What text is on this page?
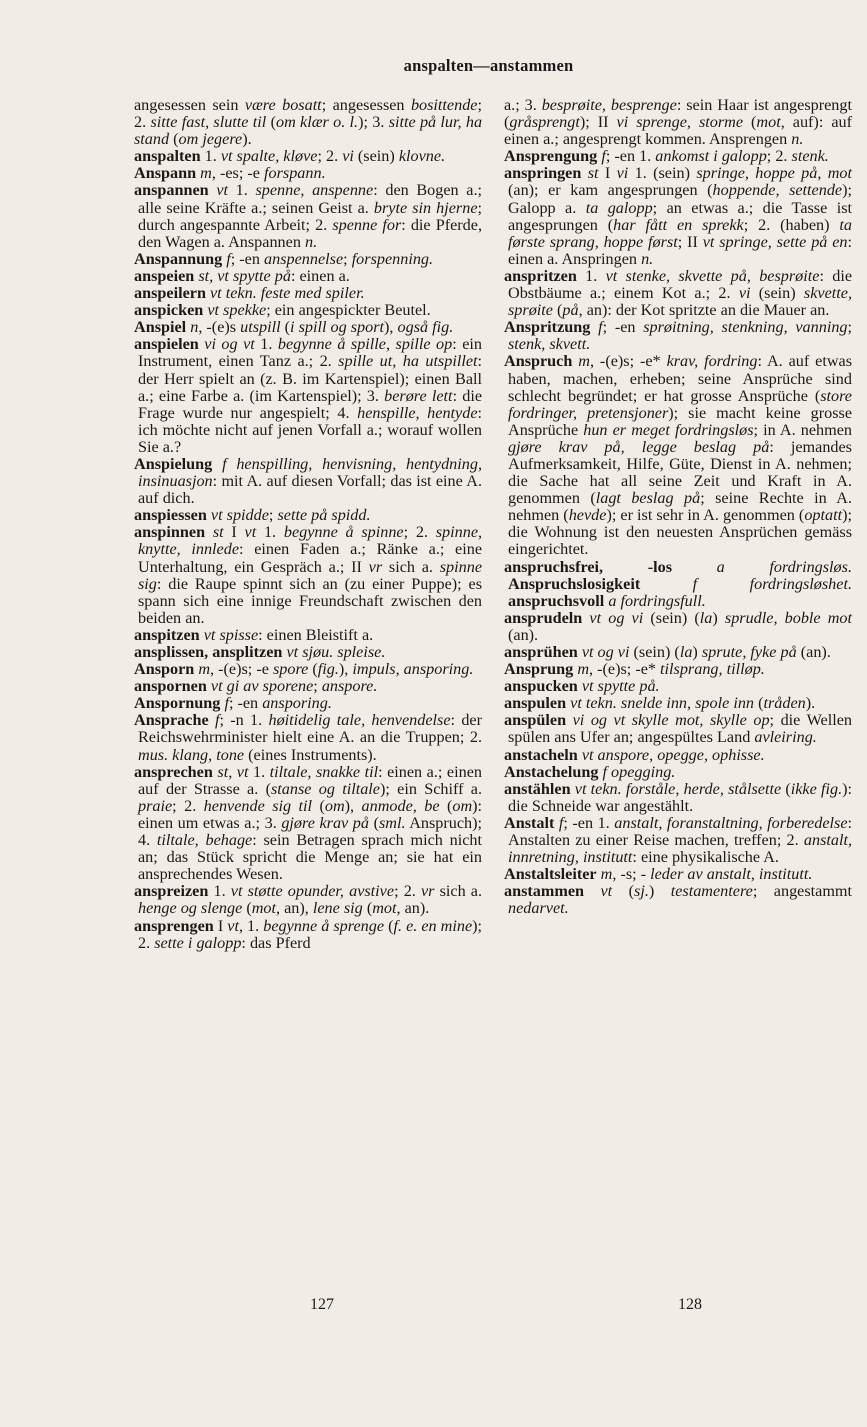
anspalten—anstammen

angesessen sein være bosatt; angesessen bosittende; 2. sitte fast, slutte til (om klær o. l.); 3. sitte på lur, ha stand (om jegere).

anspalten 1. vt spalte, kløve; 2. vi (sein) klovne.

Anspann m, -es; -e forspann.

anspannen vt 1. spenne, anspenne: den Bogen a.; alle seine Kräfte a.; seinen Geist a. bryte sin hjerne; durch angespannte Arbeit; 2. spenne for: die Pferde, den Wagen a. Anspannen n.

Anspannung f; -en anspennelse; forspenning.

anspeien st, vt spytte på: einen a.

anspeilern vt tekn. feste med spiler.

anspicken vt spekke; ein angespickter Beutel.

Anspiel n, -(e)s utspill (i spill og sport), også fig.

anspielen vi og vt 1. begynne å spille, spille op: ein Instrument, einen Tanz a.; 2. spille ut, ha utspillet: der Herr spielt an (z. B. im Kartenspiel); einen Ball a.; eine Farbe a. (im Kartenspiel); 3. berøre lett: die Frage wurde nur angespielt; 4. henspille, hentyde: ich möchte nicht auf jenen Vorfall a.; worauf wollen Sie a.?

Anspielung f henspilling, henvisning, hentydning, insinuasjon: mit A. auf diesen Vorfall; das ist eine A. auf dich.

anspiessen vt spidde; sette på spidd.

anspinnen st I vt 1. begynne å spinne; 2. spinne, knytte, innlede: einen Faden a.; Ränke a.; eine Unterhaltung, ein Gespräch a.; II vr sich a. spinne sig: die Raupe spinnt sich an (zu einer Puppe); es spann sich eine innige Freundschaft zwischen den beiden an.

anspitzen vt spisse: einen Bleistift a.

ansplissen, ansplitzen vt sjøu. spleise.

Ansporn m, -(e)s; -e spore (fig.), impuls, ansporing.

anspornen vt gi av sporene; anspore.

Anspornung f; -en ansporing.

Ansprache f; -n 1. høitidelig tale, henvendelse: der Reichswehrminister hielt eine A. an die Truppen; 2. mus. klang, tone (eines Instruments).

ansprechen st, vt 1. tiltale, snakke til: einen a.; einen auf der Strasse a. (stanse og tiltale); ein Schiff a. praie; 2. henvende sig til (om), anmode, be (om): einen um etwas a.; 3. gjøre krav på (sml. Anspruch); 4. tiltale, behage: sein Betragen sprach mich nicht an; das Stück spricht die Menge an; sie hat ein ansprechendes Wesen.

anspreizen 1. vt støtte opunder, avstive; 2. vr sich a. henge og slenge (mot, an), lene sig (mot, an).

ansprengen I vt, 1. begynne å sprenge (f. e. en mine); 2. sette i galopp: das Pferd

a.; 3. besprøite, besprenge: sein Haar ist angesprengt (gråsprengt); II vi sprenge, storme (mot, auf): auf einen a.; angesprengt kommen. Ansprengen n.

Ansprengung f; -en 1. ankomst i galopp; 2. stenk.

anspringen st I vi 1. (sein) springe, hoppe på, mot (an); er kam angesprungen (hoppende, settende); Galopp a. ta galopp; an etwas a.; die Tasse ist angesprungen (har fått en sprekk; 2. (haben) ta første sprang, hoppe først; II vt springe, sette på en: einen a. Anspringen n.

anspritzen 1. vt stenke, skvette på, besprøite: die Obstbäume a.; einem Kot a.; 2. vi (sein) skvette, sprøite (på, an): der Kot spritzte an die Mauer an.

Anspritzung f; -en sprøitning, stenkning, vanning; stenk, skvett.

Anspruch m, -(e)s; -e* krav, fordring: A. auf etwas haben, machen, erheben; seine Ansprüche sind schlecht begründet; er hat grosse Ansprüche (store fordringer, pretensjoner); sie macht keine grosse Ansprüche hun er meget fordringsløs; in A. nehmen gjøre krav på, legge beslag på: jemandes Aufmerksamkeit, Hilfe, Güte, Dienst in A. nehmen; die Sache hat all seine Zeit und Kraft in A. genommen (lagt beslag på; seine Rechte in A. nehmen (hevde); er ist sehr in A. genommen (optatt); die Wohnung ist den neuesten Ansprüchen gemäss eingerichtet.

anspruchsfrei, -los	a fordringsløs. Anspruchslosigkeit	f fordringsløshet. anspruchsvoll a fordringsfull.

ansprudeln vt og vi (sein) (la) sprudle, boble mot (an).

ansprühen vt og vi (sein) (la) sprute, fyke på (an).

Ansprung m, -(e)s; -e* tilsprang, tilløp.

anspucken vt spytte på.

anspulen vt tekn. snelde inn, spole inn (tråden).

anspülen vi og vt skylle mot, skylle op; die Wellen spülen ans Ufer an; angespültes Land avleiring.

anstacheln vt anspore, opegge, ophisse.

Anstachelung f opegging.

anstählen vt tekn. forstålе, herde, stålsette (ikke fig.): die Schneide war angestählt.

Anstalt f; -en 1. anstalt, foranstaltning, forberedelse: Anstalten zu einer Reise machen, treffen; 2. anstalt, innretning, institutt: eine physikalische A.

Anstaltsleiter m, -s; - leder av anstalt, institutt.

anstammen vt (sj.) testamentere; angestammt nedarvet.

127	128
